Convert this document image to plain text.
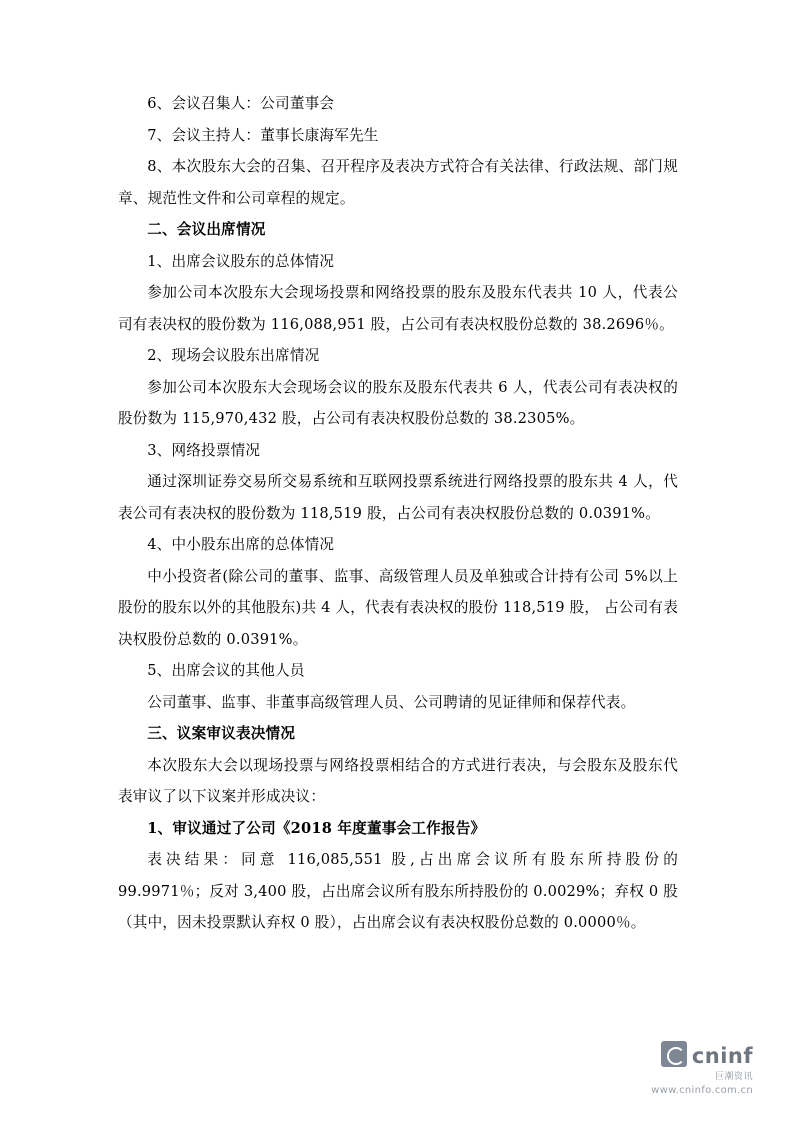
6、会议召集人：公司董事会

7、会议主持人：董事长康海军先生

8、本次股东大会的召集、召开程序及表决方式符合有关法律、行政法规、部门规章、规范性文件和公司章程的规定。

二、会议出席情况

1、出席会议股东的总体情况

参加公司本次股东大会现场投票和网络投票的股东及股东代表共 10 人，代表公司有表决权的股份数为 116,088,951 股，占公司有表决权股份总数的 38.2696％。

2、现场会议股东出席情况

参加公司本次股东大会现场会议的股东及股东代表共 6 人，代表公司有表决权的股份数为 115,970,432 股，占公司有表决权股份总数的 38.2305%。

3、网络投票情况

通过深圳证券交易所交易系统和互联网投票系统进行网络投票的股东共 4 人，代表公司有表决权的股份数为 118,519 股，占公司有表决权股份总数的 0.0391%。

4、中小股东出席的总体情况

中小投资者(除公司的董事、监事、高级管理人员及单独或合计持有公司 5%以上股份的股东以外的其他股东)共 4 人，代表有表决权的股份 118,519 股， 占公司有表决权股份总数的 0.0391%。

5、出席会议的其他人员

公司董事、监事、非董事高级管理人员、公司聘请的见证律师和保荐代表。

三、议案审议表决情况

本次股东大会以现场投票与网络投票相结合的方式进行表决，与会股东及股东代表审议了以下议案并形成决议：

1、审议通过了公司《2018 年度董事会工作报告》

表决结果：同意 116,085,551 股,占出席会议所有股东所持股份的 99.9971％；反对 3,400 股，占出席会议所有股东所持股份的 0.0029%；弃权 0 股（其中，因未投票默认弃权 0 股），占出席会议有表决权股份总数的 0.0000％。

cninf
巨潮资讯
www.cninfo.com.cn
